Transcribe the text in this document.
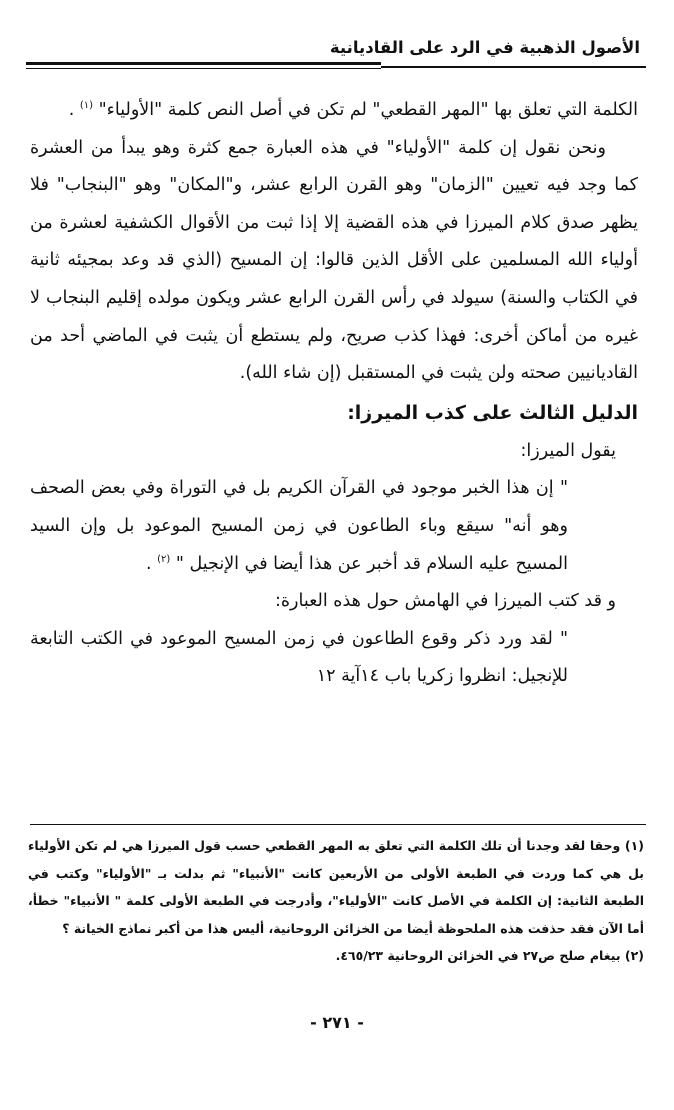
الأصول الذهبية في الرد على القاديانية

الكلمة التي تعلق بها "المهر القطعي" لم تكن في أصل النص كلمة "الأولياء" $^{(١)}$ .

ونحن نقول إن كلمة "الأولياء" في هذه العبارة جمع كثرة وهو يبدأ من العشرة كما وجد فيه تعيين "الزمان" وهو القرن الرابع عشر، و"المكان" وهو "البنجاب" فلا يظهر صدق كلام الميرزا في هذه القضية إلا إذا ثبت من الأقوال الكشفية لعشرة من أولياء الله المسلمين على الأقل الذين قالوا: إن المسيح (الذي قد وعد بمجيئه ثانية في الكتاب والسنة) سيولد في رأس القرن الرابع عشر ويكون مولده إقليم البنجاب لا غيره من أماكن أخرى: فهذا كذب صريح، ولم يستطع أن يثبت في الماضي أحد من القاديانيين صحته ولن يثبت في المستقبل (إن شاء الله).

الدليل الثالث على كذب الميرزا:

يقول الميرزا:

" إن هذا الخبر موجود في القرآن الكريم بل في التوراة وفي بعض الصحف وهو أنه" سيقع وباء الطاعون في زمن المسيح الموعود بل وإن السيد المسيح عليه السلام قد أخبر عن هذا أيضا في الإنجيل " $^{(٢)}$ .

و قد كتب الميرزا في الهامش حول هذه العبارة:

" لقد ورد ذكر وقوع الطاعون في زمن المسيح الموعود في الكتب التابعة للإنجيل: انظروا زكريا باب ١٤آية ١٢

(١) وحقا لقد وجدنا أن تلك الكلمة التي تعلق به المهر القطعي حسب قول الميرزا هي لم تكن الأولياء بل هي كما وردت في الطبعة الأولى من الأربعين كانت "الأنبياء" ثم بدلت بـ "الأولياء" وكتب في الطبعة الثانية: إن الكلمة في الأصل كانت "الأولياء"، وأدرجت في الطبعة الأولى كلمة " الأنبياء" خطأ، أما الآن فقد حذفت هذه الملحوظة أيضا من الخزائن الروحانية، أليس هذا من أكبر نماذج الخيانة ؟

(٢) بيغام صلح ص٢٧ في الخزائن الروحانية ٤٦٥/٢٣.

- ٢٧١ -
